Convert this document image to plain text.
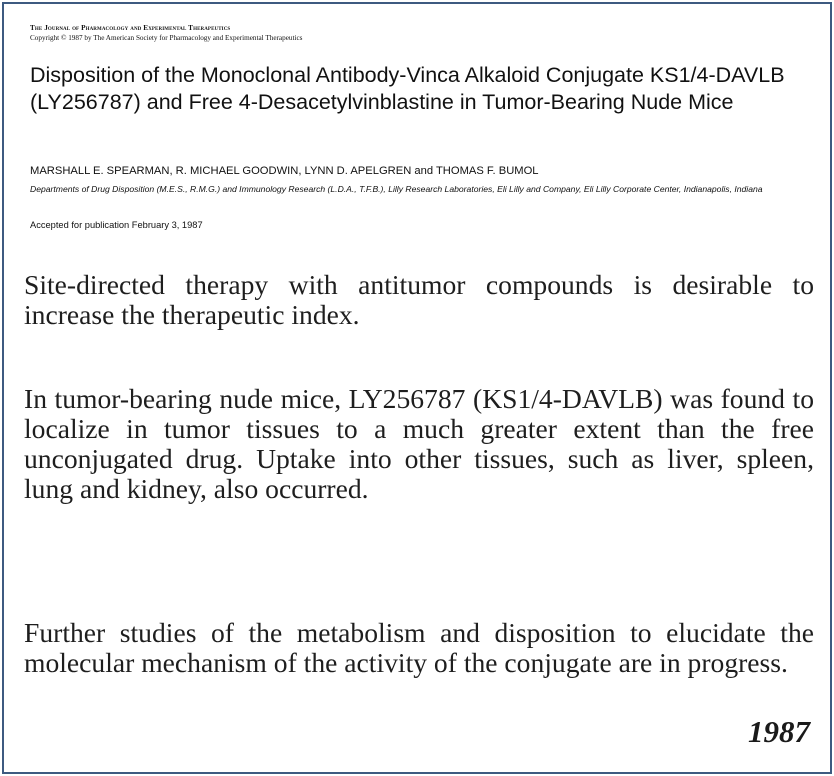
The Journal of Pharmacology and Experimental Therapeutics
Copyright © 1987 by The American Society for Pharmacology and Experimental Therapeutics
Disposition of the Monoclonal Antibody-Vinca Alkaloid Conjugate KS1/4-DAVLB (LY256787) and Free 4-Desacetylvinblastine in Tumor-Bearing Nude Mice
MARSHALL E. SPEARMAN, R. MICHAEL GOODWIN, LYNN D. APELGREN and THOMAS F. BUMOL
Departments of Drug Disposition (M.E.S., R.M.G.) and Immunology Research (L.D.A., T.F.B.), Lilly Research Laboratories, Eli Lilly and Company, Eli Lilly Corporate Center, Indianapolis, Indiana
Accepted for publication February 3, 1987

Site-directed therapy with antitumor compounds is desirable to increase the therapeutic index.

In tumor-bearing nude mice, LY256787 (KS1/4-DAVLB) was found to localize in tumor tissues to a much greater extent than the free unconjugated drug. Uptake into other tissues, such as liver, spleen, lung and kidney, also occurred.

Further studies of the metabolism and disposition to elucidate the molecular mechanism of the activity of the conjugate are in progress.

1987
